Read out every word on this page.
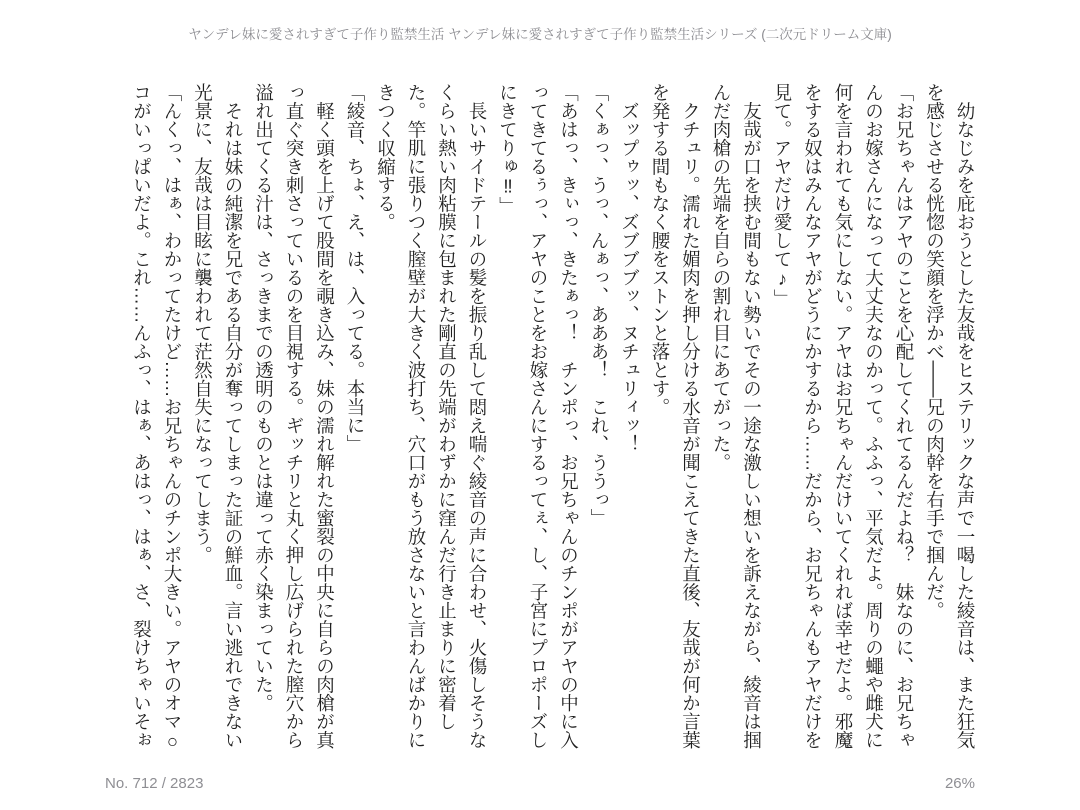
ヤンデレ妹に愛されすぎて子作り監禁生活 ヤンデレ妹に愛されすぎて子作り監禁生活シリーズ (二次元ドリーム文庫)

　幼なじみを庇おうとした友哉をヒステリックな声で一喝した綾音は、また狂気を感じさせる恍惚の笑顔を浮かべ――兄の肉幹を右手で掴んだ。

「お兄ちゃんはアヤのことを心配してくれてるんだよね？　妹なのに、お兄ちゃんのお嫁さんになって大丈夫なのかって。ふふっ、平気だよ。周りの蠅や雌犬に何を言われても気にしない。アヤはお兄ちゃんだけいてくれれば幸せだよ。邪魔をする奴はみんなアヤがどうにかするから……だから、お兄ちゃんもアヤだけを見て。アヤだけ愛して♪」

　友哉が口を挟む間もない勢いでその一途な激しい想いを訴えながら、綾音は掴んだ肉槍の先端を自らの割れ目にあてがった。

　クチュリ。濡れた媚肉を押し分ける水音が聞こえてきた直後、友哉が何か言葉を発する間もなく腰をストンと落とす。

　ズップゥッ、ズブブブッ、ヌチュリィッ！

「くぁっ、うっ、んぁっ、あああ！　これ、ううっ」

「あはっ、きぃっ、きたぁっ！　チンポっ、お兄ちゃんのチンポがアヤの中に入ってきてるぅっ、アヤのことをお嫁さんにするってぇ、し、子宮にプロポーズしにきてりゅ‼」

　長いサイドテールの髪を振り乱して悶え喘ぐ綾音の声に合わせ、火傷しそうなくらい熱い肉粘膜に包まれた剛直の先端がわずかに窪んだ行き止まりに密着した。竿肌に張りつく膣壁が大きく波打ち、穴口がもう放さないと言わんばかりにきつく収縮する。

「綾音、ちょ、え、は、入ってる。本当に」

　軽く頭を上げて股間を覗き込み、妹の濡れ解れた蜜裂の中央に自らの肉槍が真っ直ぐ突き刺さっているのを目視する。ギッチリと丸く押し広げられた膣穴から溢れ出てくる汁は、さっきまでの透明のものとは違って赤く染まっていた。

　それは妹の純潔を兄である自分が奪ってしまった証の鮮血。言い逃れできない光景に、友哉は目眩に襲われて茫然自失になってしまう。

「んくっ、はぁ、わかってたけど……お兄ちゃんのチンポ大きい。アヤのオマ○コがいっぱいだよ。これ……んふっ、はぁ、あはっ、はぁ、さ、裂けちゃいそぉ

No. 712 / 2823	26%
